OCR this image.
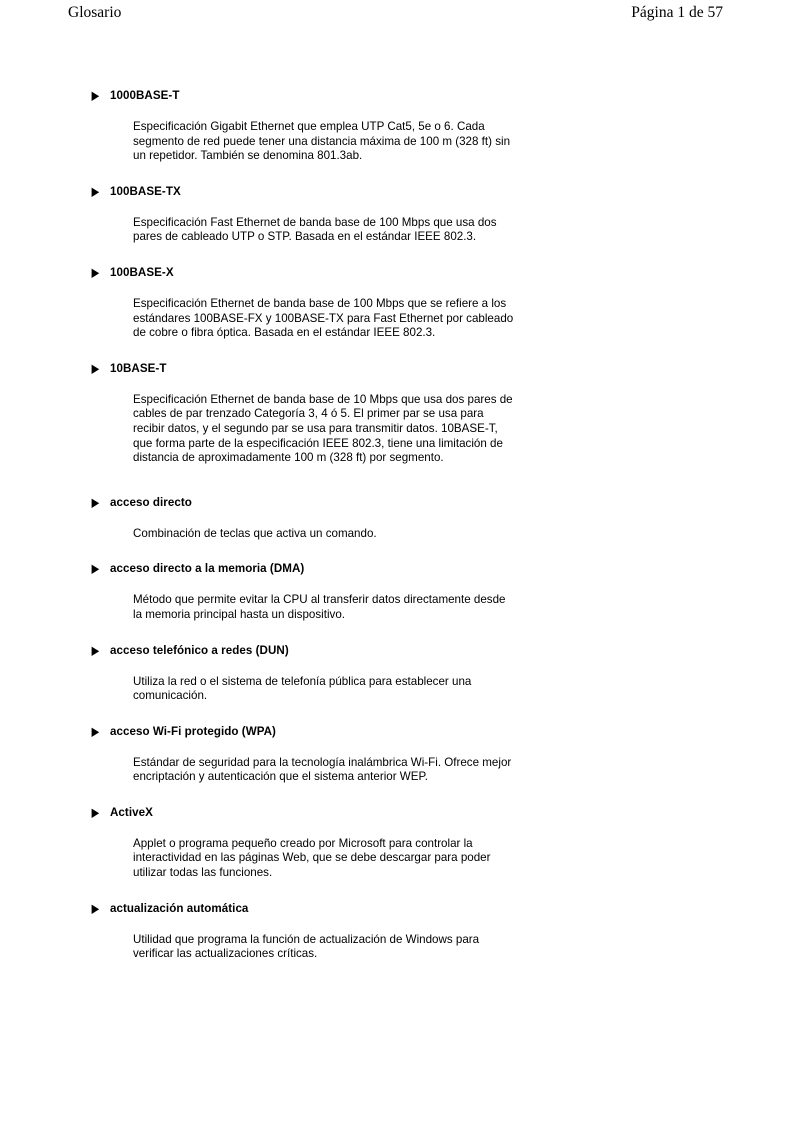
Glosario	Página 1 de 57
1000BASE-T

Especificación Gigabit Ethernet que emplea UTP Cat5, 5e o 6. Cada segmento de red puede tener una distancia máxima de 100 m (328 ft) sin un repetidor. También se denomina 801.3ab.

100BASE-TX

Especificación Fast Ethernet de banda base de 100 Mbps que usa dos pares de cableado UTP o STP. Basada en el estándar IEEE 802.3.

100BASE-X

Especificación Ethernet de banda base de 100 Mbps que se refiere a los estándares 100BASE-FX y 100BASE-TX para Fast Ethernet por cableado de cobre o fibra óptica. Basada en el estándar IEEE 802.3.

10BASE-T

Especificación Ethernet de banda base de 10 Mbps que usa dos pares de cables de par trenzado Categoría 3, 4 ó 5. El primer par se usa para recibir datos, y el segundo par se usa para transmitir datos. 10BASE-T, que forma parte de la especificación IEEE 802.3, tiene una limitación de distancia de aproximadamente 100 m (328 ft) por segmento.

acceso directo

Combinación de teclas que activa un comando.

acceso directo a la memoria (DMA)

Método que permite evitar la CPU al transferir datos directamente desde la memoria principal hasta un dispositivo.

acceso telefónico a redes (DUN)

Utiliza la red o el sistema de telefonía pública para establecer una comunicación.

acceso Wi-Fi protegido (WPA)

Estándar de seguridad para la tecnología inalámbrica Wi-Fi. Ofrece mejor encriptación y autenticación que el sistema anterior WEP.

ActiveX

Applet o programa pequeño creado por Microsoft para controlar la interactividad en las páginas Web, que se debe descargar para poder utilizar todas las funciones.

actualización automática

Utilidad que programa la función de actualización de Windows para verificar las actualizaciones críticas.
